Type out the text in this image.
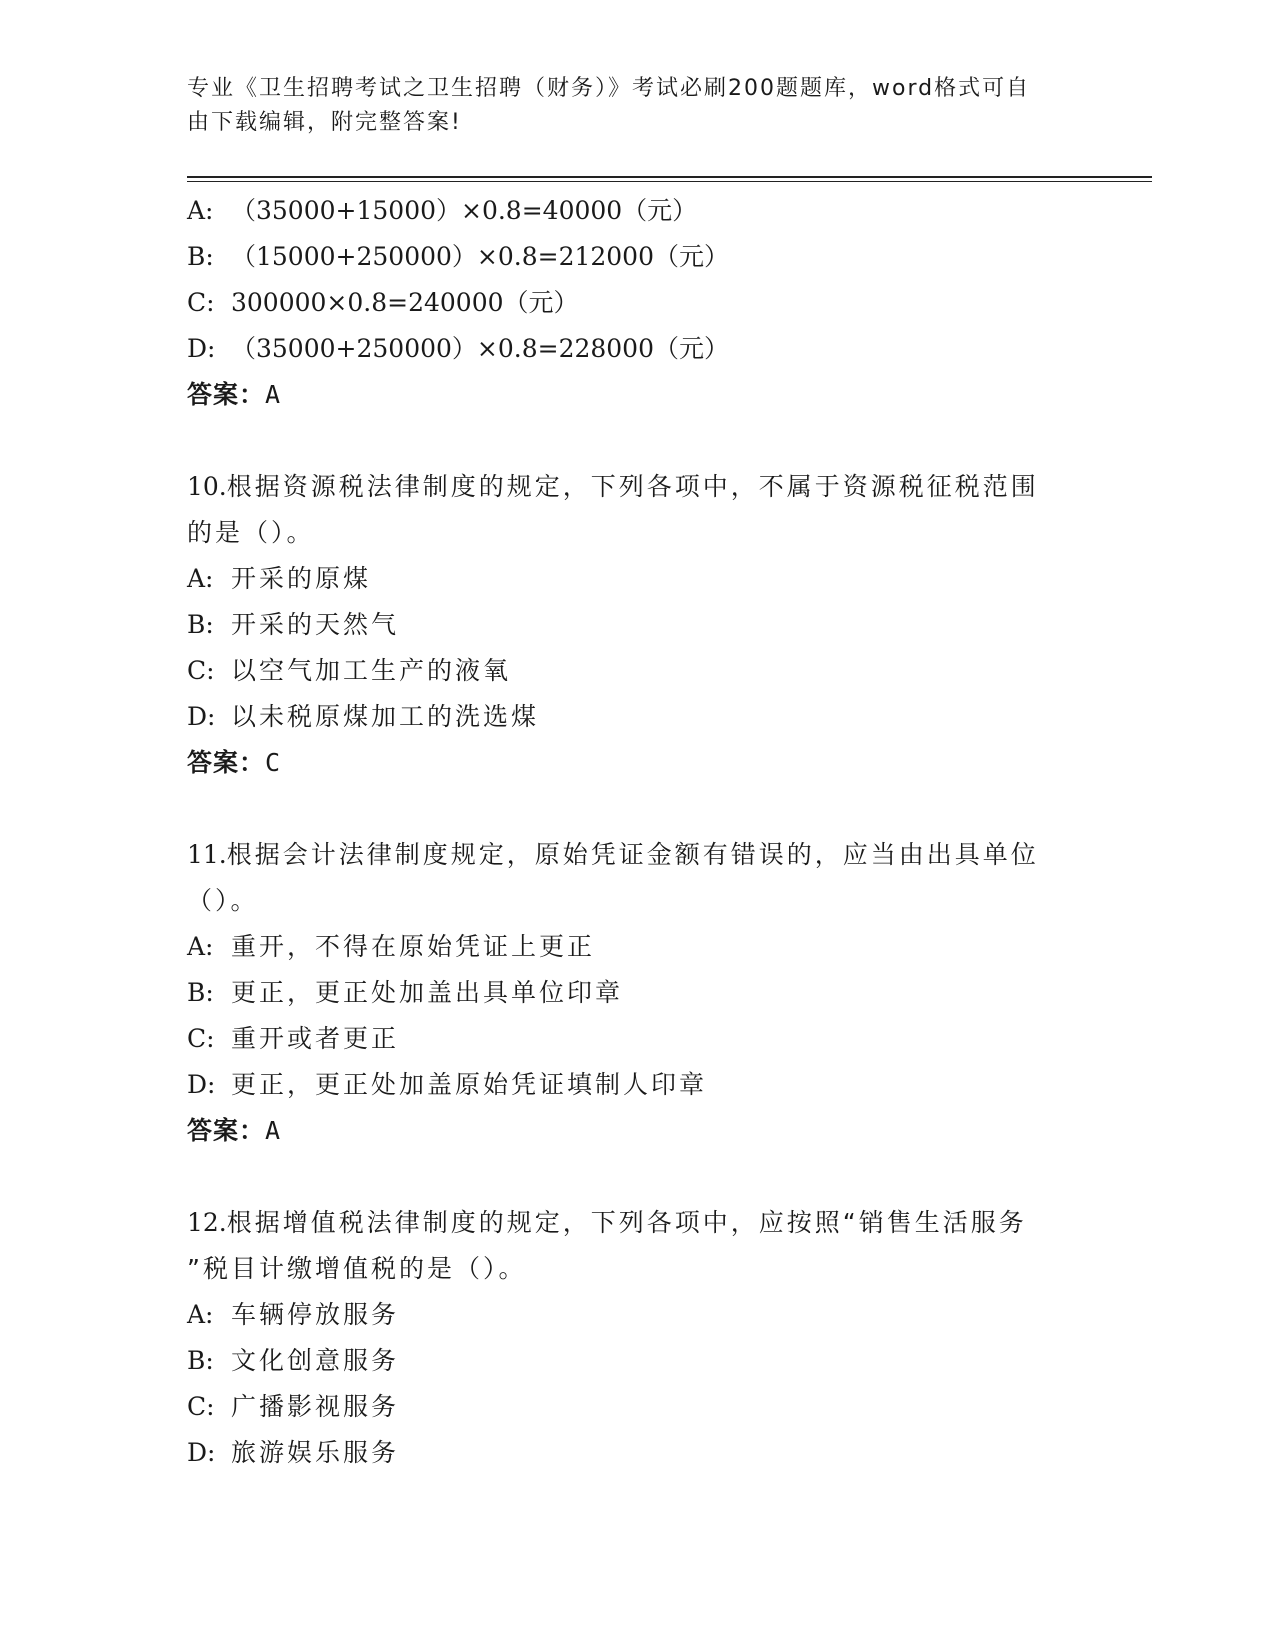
专业《卫生招聘考试之卫生招聘（财务）》考试必刷200题题库，word格式可自
由下载编辑，附完整答案!
A: （35000+15000）×0.8=40000（元）
B: （15000+250000）×0.8=212000（元）
C: 300000×0.8=240000（元）
D: （35000+250000）×0.8=228000（元）
答案：A
10.根据资源税法律制度的规定，下列各项中，不属于资源税征税范围
的是（）。
A: 开采的原煤
B: 开采的天然气
C: 以空气加工生产的液氧
D: 以未税原煤加工的洗选煤
答案：C
11.根据会计法律制度规定，原始凭证金额有错误的，应当由出具单位
（）。
A: 重开，不得在原始凭证上更正
B: 更正，更正处加盖出具单位印章
C: 重开或者更正
D: 更正，更正处加盖原始凭证填制人印章
答案：A
12.根据增值税法律制度的规定，下列各项中，应按照“销售生活服务
”税目计缴增值税的是（）。
A: 车辆停放服务
B: 文化创意服务
C: 广播影视服务
D: 旅游娱乐服务
